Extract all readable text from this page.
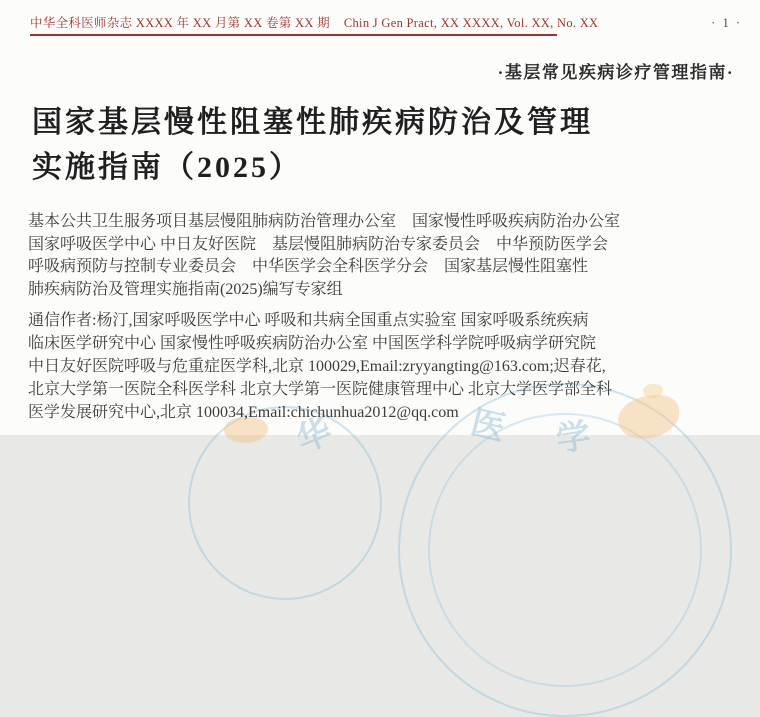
华	医 学
中华全科医师杂志 XXXX 年 XX 月第 XX 卷第 XX 期 Chin J Gen Pract, XX XXXX, Vol. XX, No. XX	· 1 ·
·基层常见疾病诊疗管理指南·
国家基层慢性阻塞性肺疾病防治及管理
实施指南（2025）
基本公共卫生服务项目基层慢阻肺病防治管理办公室　国家慢性呼吸疾病防治办公室
国家呼吸医学中心 中日友好医院　基层慢阻肺病防治专家委员会　中华预防医学会
呼吸病预防与控制专业委员会　中华医学会全科医学分会　国家基层慢性阻塞性
肺疾病防治及管理实施指南(2025)编写专家组
通信作者:杨汀,国家呼吸医学中心 呼吸和共病全国重点实验室 国家呼吸系统疾病
临床医学研究中心 国家慢性呼吸疾病防治办公室 中国医学科学院呼吸病学研究院
中日友好医院呼吸与危重症医学科,北京 100029,Email:zryyangting@163.com;迟春花,
北京大学第一医院全科医学科 北京大学第一医院健康管理中心 北京大学医学部全科
医学发展研究中心,北京 100034,Email:chichunhua2012@qq.com
